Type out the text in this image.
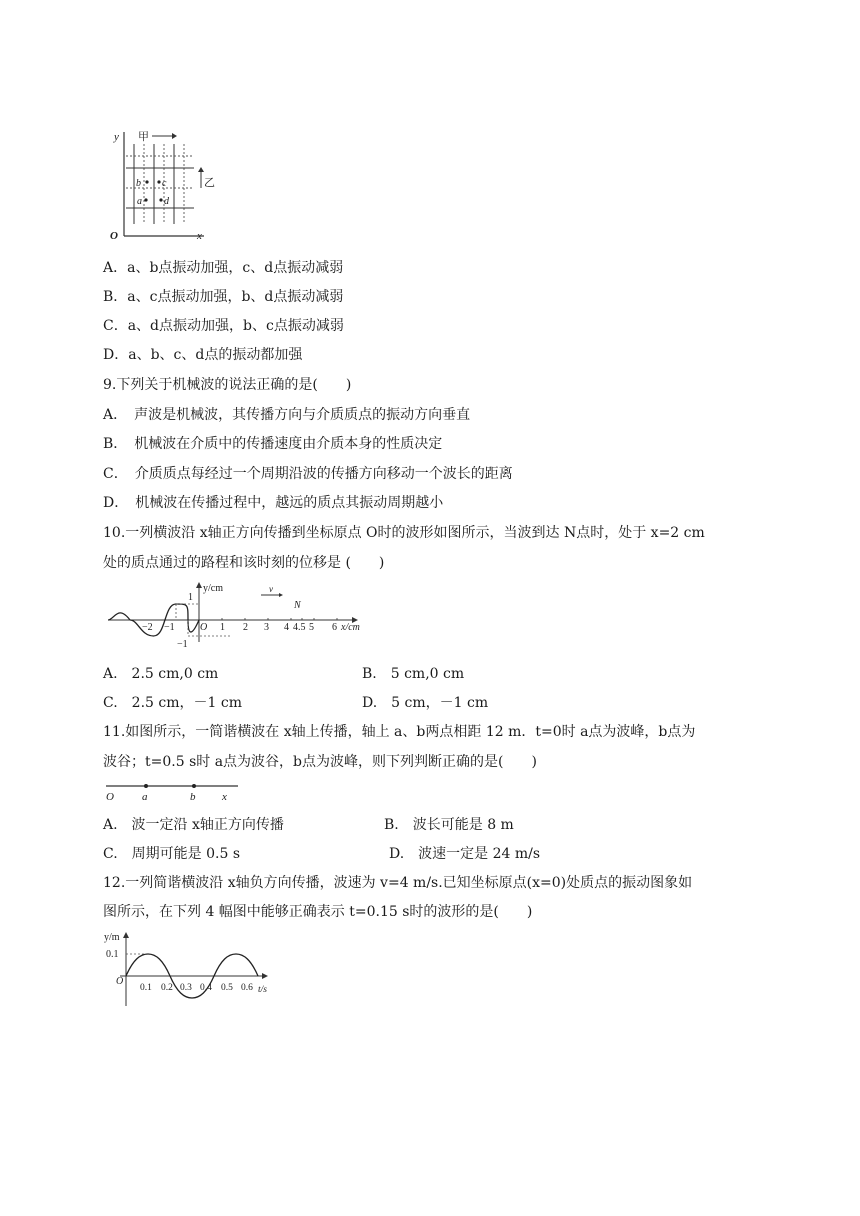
y
O	x
甲
乙
b c
a d
A．a、b点振动加强，c、d点振动减弱
B．a、c点振动加强，b、d点振动减弱
C．a、d点振动加强，b、c点振动减弱
D．a、b、c、d点的振动都加强
9.下列关于机械波的说法正确的是(　　)
A．　声波是机械波，其传播方向与介质质点的振动方向垂直
B．　机械波在介质中的传播速度由介质本身的性质决定
C．　介质质点每经过一个周期沿波的传播方向移动一个波长的距离
D．　机械波在传播过程中，越远的质点其振动周期越小
10.一列横波沿 x轴正方向传播到坐标原点 O时的波形如图所示，当波到达 N点时，处于 x=2 cm
处的质点通过的路程和该时刻的位移是 (　　)
y/cm
1
−1
O
−2 −1	1 2 3 4 4.5 5 6 x/cm
v
N
A.　2.5 cm,0 cm	B.　5 cm,0 cm
C.　2.5 cm，－1 cm	D.　5 cm，－1 cm
11.如图所示，一简谐横波在 x轴上传播，轴上 a、b两点相距 12 m．t=0时 a点为波峰，b点为
波谷；t=0.5 s时 a点为波谷，b点为波峰，则下列判断正确的是(　　)
O	a	b x
A.　波一定沿 x轴正方向传播	B.　波长可能是 8 m
C.　周期可能是 0.5 s	D.　波速一定是 24 m/s
12.一列简谐横波沿 x轴负方向传播，波速为 v=4 m/s.已知坐标原点(x=0)处质点的振动图象如
图所示，在下列 4 幅图中能够正确表示 t=0.15 s时的波形的是(　　)
y/m
0.1
O
0.1 0.2 0.3 0.4 0.5 0.6 t/s
